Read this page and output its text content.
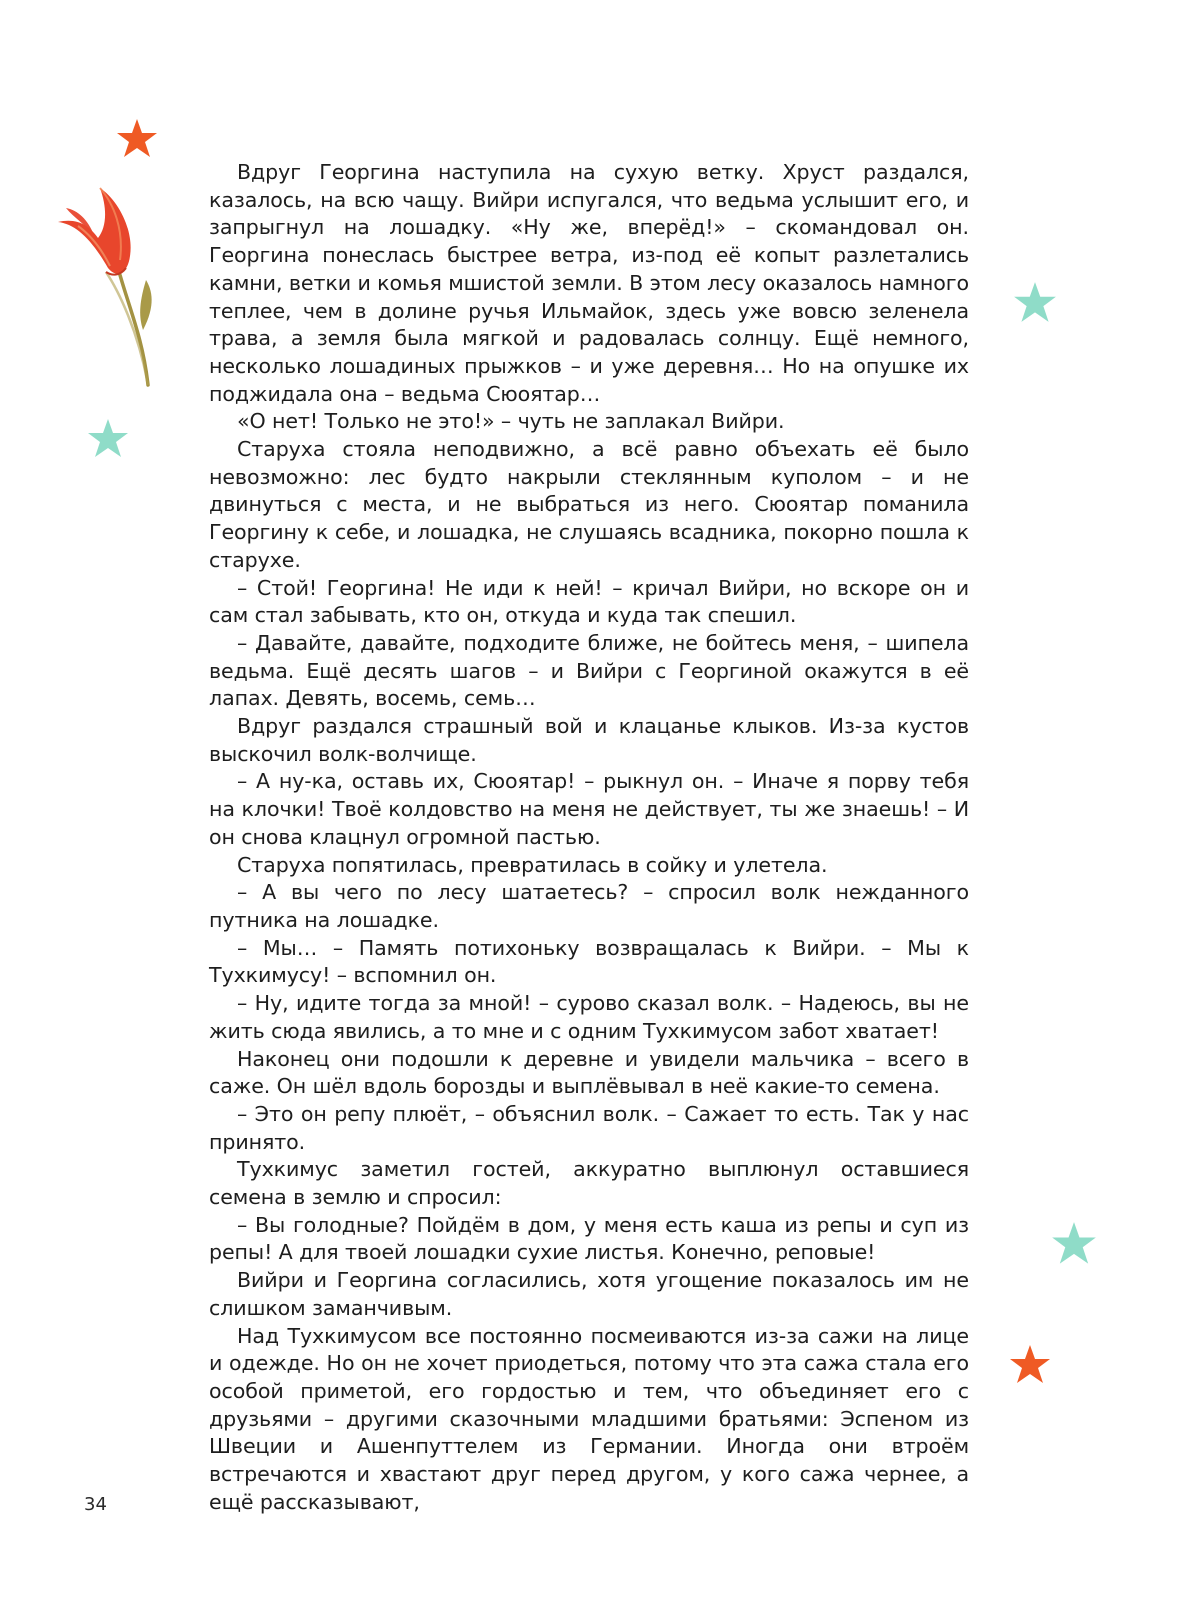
Вдруг Георгина наступила на сухую ветку. Хруст раздался, казалось, на всю чащу. Вийри испугался, что ведьма услышит его, и запрыгнул на лошадку. «Ну же, вперёд!» – скомандовал он. Георгина понеслась быстрее ветра, из-под её копыт разлетались камни, ветки и комья мшистой земли. В этом лесу оказалось намного теплее, чем в долине ручья Ильмайок, здесь уже вовсю зеленела трава, а земля была мягкой и радовалась солнцу. Ещё немного, несколько лошадиных прыжков – и уже деревня… Но на опушке их поджидала она – ведьма Сюоятар…

«О нет! Только не это!» – чуть не заплакал Вийри.

Старуха стояла неподвижно, а всё равно объехать её было невозможно: лес будто накрыли стеклянным куполом – и не двинуться с места, и не выбраться из него. Сюоятар поманила Георгину к себе, и лошадка, не слушаясь всадника, покорно пошла к старухе.

– Стой! Георгина! Не иди к ней! – кричал Вийри, но вскоре он и сам стал забывать, кто он, откуда и куда так спешил.

– Давайте, давайте, подходите ближе, не бойтесь меня, – шипела ведьма. Ещё десять шагов – и Вийри с Георгиной окажутся в её лапах. Девять, восемь, семь…

Вдруг раздался страшный вой и клацанье клыков. Из-за кустов выскочил волк-волчище.

– А ну-ка, оставь их, Сюоятар! – рыкнул он. – Иначе я порву тебя на клочки! Твоё колдовство на меня не действует, ты же знаешь! – И он снова клацнул огромной пастью.

Старуха попятилась, превратилась в сойку и улетела.

– А вы чего по лесу шатаетесь? – спросил волк нежданного путника на лошадке.

– Мы… – Память потихоньку возвращалась к Вийри. – Мы к Тухкимусу! – вспомнил он.

– Ну, идите тогда за мной! – сурово сказал волк. – Надеюсь, вы не жить сюда явились, а то мне и с одним Тухкимусом забот хватает!

Наконец они подошли к деревне и увидели мальчика – всего в саже. Он шёл вдоль борозды и выплёвывал в неё какие-то семена.

– Это он репу плюёт, – объяснил волк. – Сажает то есть. Так у нас принято.

Тухкимус заметил гостей, аккуратно выплюнул оставшиеся семена в землю и спросил:

– Вы голодные? Пойдём в дом, у меня есть каша из репы и суп из репы! А для твоей лошадки сухие листья. Конечно, реповые!

Вийри и Георгина согласились, хотя угощение показалось им не слишком заманчивым.

Над Тухкимусом все постоянно посмеиваются из-за сажи на лице и одежде. Но он не хочет приодеться, потому что эта сажа стала его особой приметой, его гордостью и тем, что объединяет его с друзьями – другими сказочными младшими братьями: Эспеном из Швеции и Ашенпуттелем из Германии. Иногда они втроём встречаются и хвастают друг перед другом, у кого сажа чернее, а ещё рассказывают,

34
